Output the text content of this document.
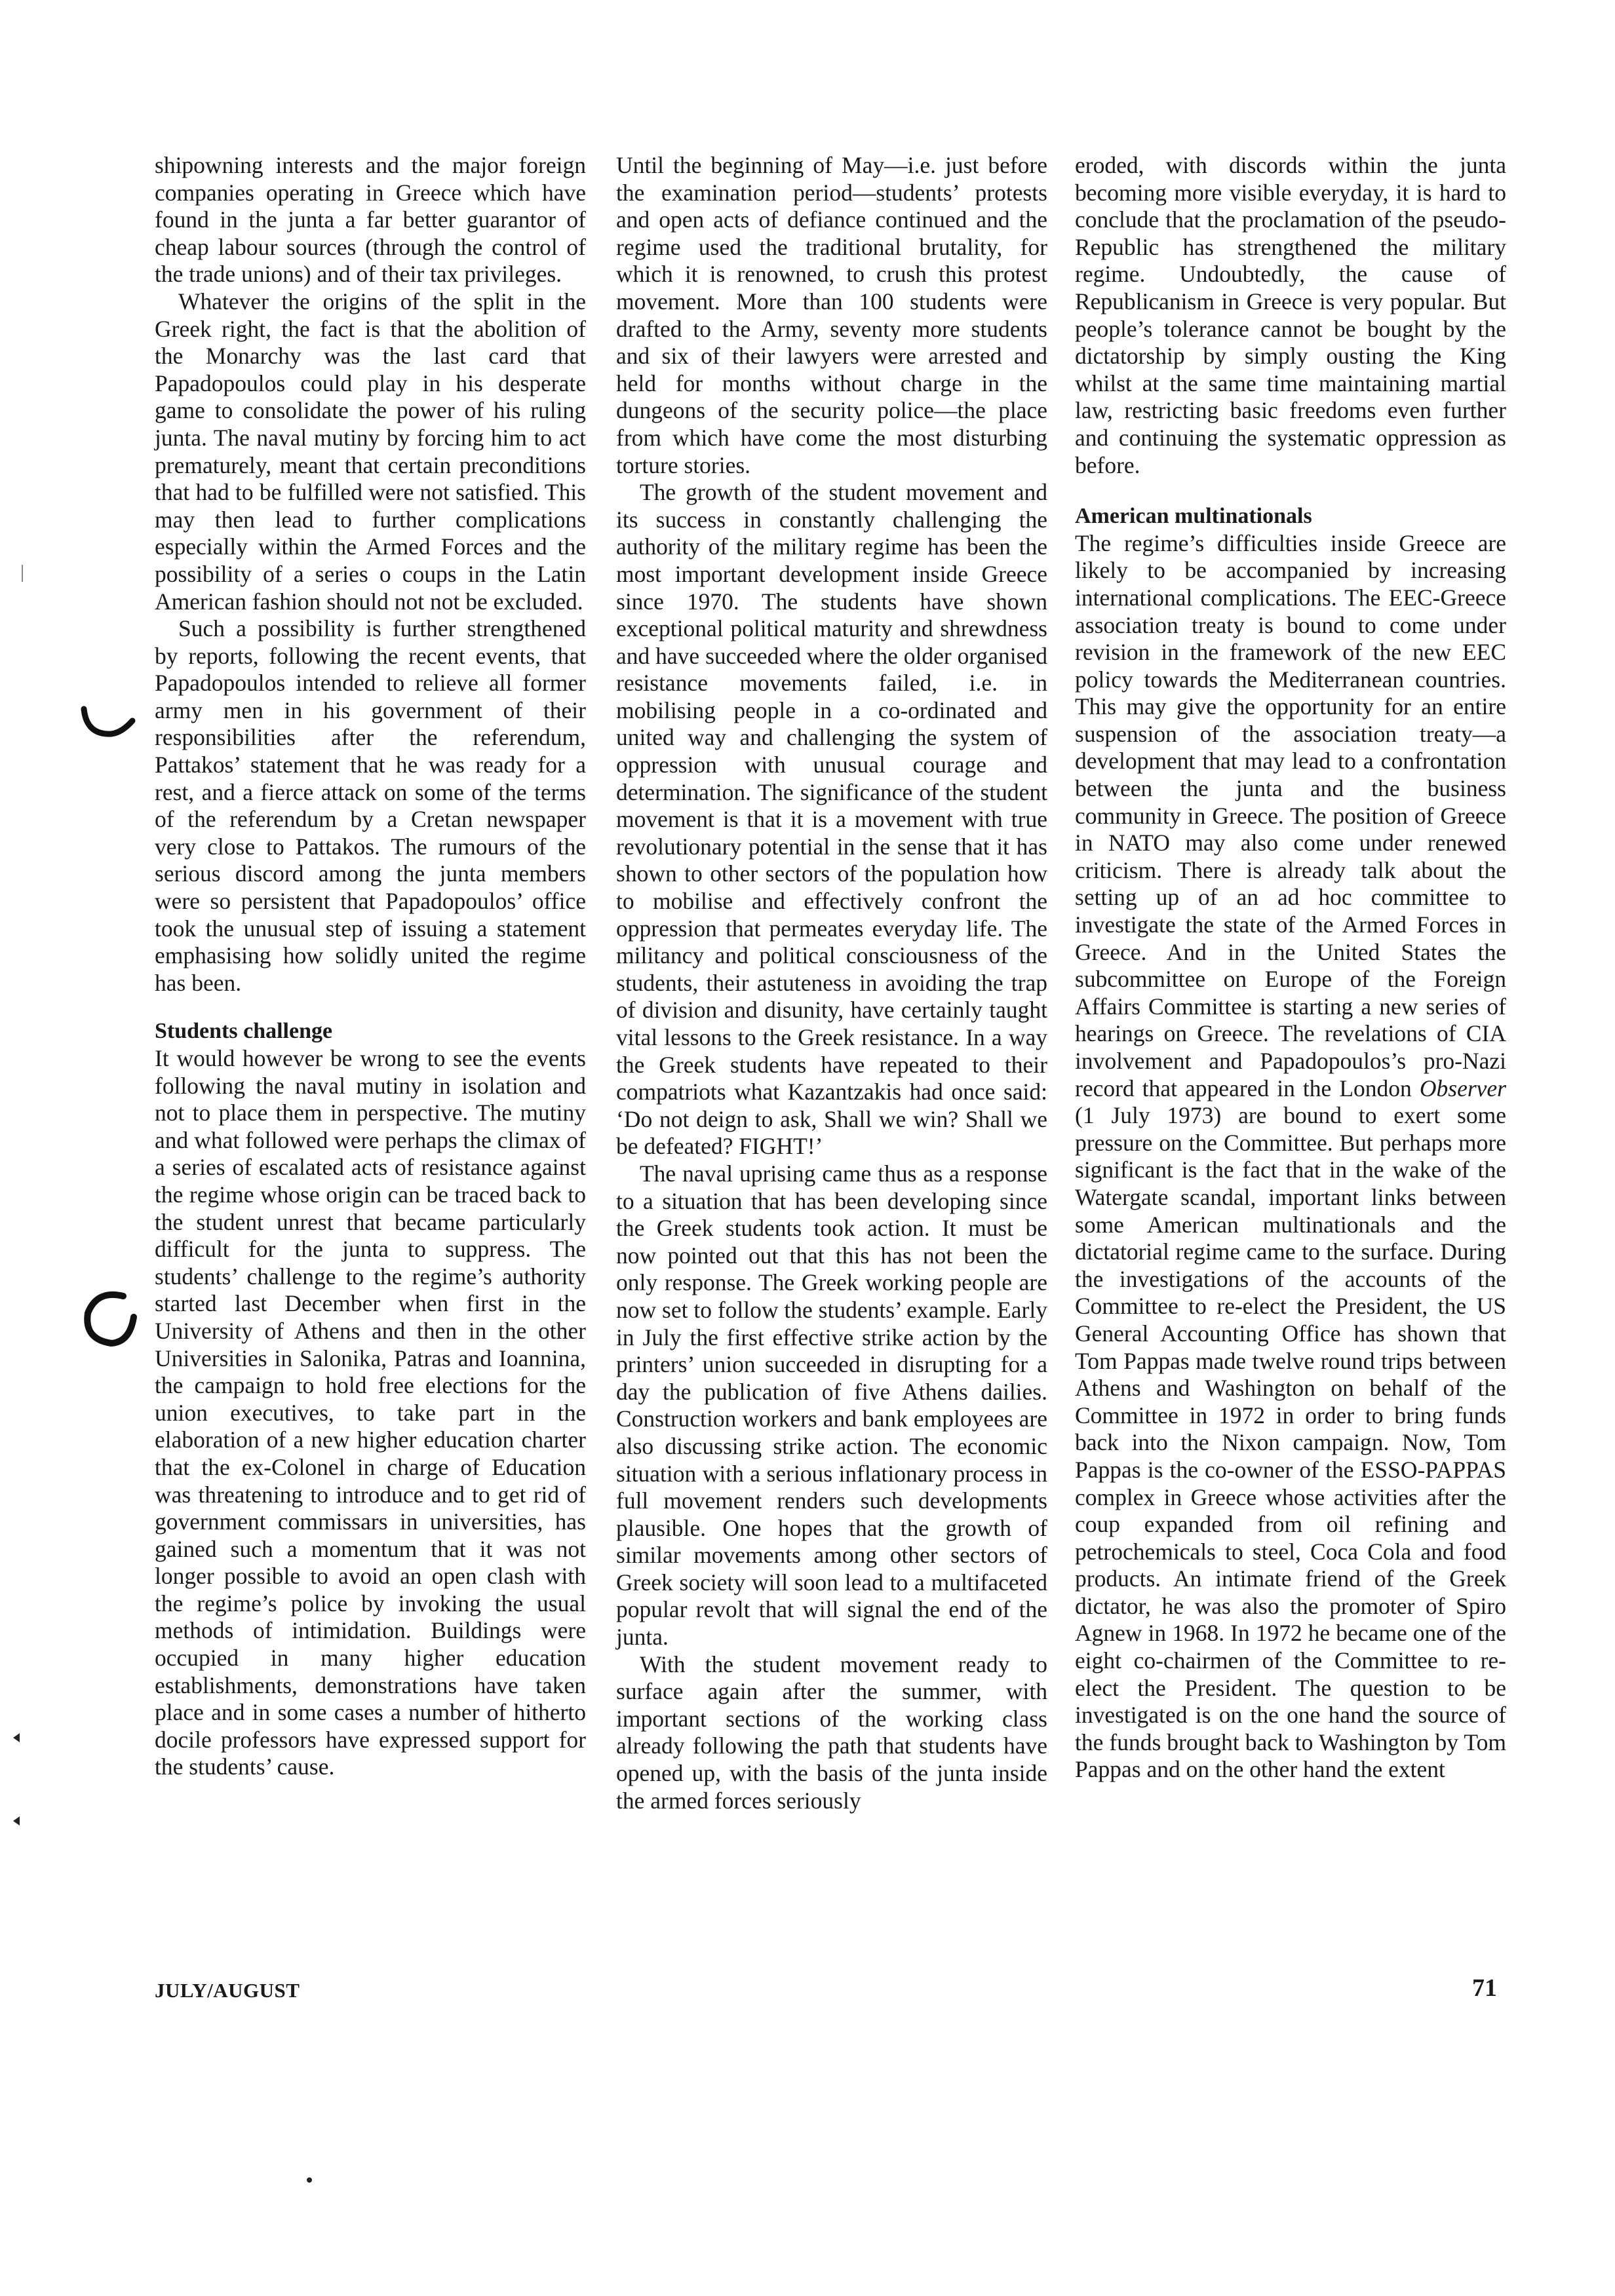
shipowning interests and the major foreign companies operating in Greece which have found in the junta a far better guarantor of cheap labour sources (through the control of the trade unions) and of their tax privileges.

Whatever the origins of the split in the Greek right, the fact is that the abolition of the Monarchy was the last card that Papadopoulos could play in his desperate game to consolidate the power of his ruling junta. The naval mutiny by forcing him to act prematurely, meant that certain preconditions that had to be fulfilled were not satisfied. This may then lead to further complications especially within the Armed Forces and the possibility of a series o coups in the Latin American fashion should not not be excluded.

Such a possibility is further strengthened by reports, following the recent events, that Papadopoulos intended to relieve all former army men in his government of their responsibilities after the referendum, Pattakos’ statement that he was ready for a rest, and a fierce attack on some of the terms of the referendum by a Cretan newspaper very close to Pattakos. The rumours of the serious discord among the junta members were so persistent that Papadopoulos’ office took the unusual step of issuing a statement emphasising how solidly united the regime has been.

Students challenge

It would however be wrong to see the events following the naval mutiny in isolation and not to place them in perspective. The mutiny and what followed were perhaps the climax of a series of escalated acts of resistance against the regime whose origin can be traced back to the student unrest that became particularly difficult for the junta to suppress. The students’ challenge to the regime’s authority started last December when first in the University of Athens and then in the other Universities in Salonika, Patras and Ioannina, the campaign to hold free elections for the union executives, to take part in the elaboration of a new higher education charter that the ex-Colonel in charge of Education was threatening to introduce and to get rid of government commissars in universities, has gained such a momentum that it was not longer possible to avoid an open clash with the regime’s police by invoking the usual methods of intimidation. Buildings were occupied in many higher education establishments, demonstrations have taken place and in some cases a number of hitherto docile professors have expressed support for the students’ cause.

Until the beginning of May—i.e. just before the examination period—students’ protests and open acts of defiance continued and the regime used the traditional brutality, for which it is renowned, to crush this protest movement. More than 100 students were drafted to the Army, seventy more students and six of their lawyers were arrested and held for months without charge in the dungeons of the security police—the place from which have come the most disturbing torture stories.

The growth of the student movement and its success in constantly challenging the authority of the military regime has been the most important development inside Greece since 1970. The students have shown exceptional political maturity and shrewdness and have succeeded where the older organised resistance movements failed, i.e. in mobilising people in a co-ordinated and united way and challenging the system of oppression with unusual courage and determination. The significance of the student movement is that it is a movement with true revolutionary potential in the sense that it has shown to other sectors of the population how to mobilise and effectively confront the oppression that permeates everyday life. The militancy and political consciousness of the students, their astuteness in avoiding the trap of division and disunity, have certainly taught vital lessons to the Greek resistance. In a way the Greek students have repeated to their compatriots what Kazantzakis had once said: ‘Do not deign to ask, Shall we win? Shall we be defeated? FIGHT!’

The naval uprising came thus as a response to a situation that has been developing since the Greek students took action. It must be now pointed out that this has not been the only response. The Greek working people are now set to follow the students’ example. Early in July the first effective strike action by the printers’ union succeeded in disrupting for a day the publication of five Athens dailies. Construction workers and bank employees are also discussing strike action. The economic situation with a serious inflationary process in full movement renders such developments plausible. One hopes that the growth of similar movements among other sectors of Greek society will soon lead to a multifaceted popular revolt that will signal the end of the junta.

With the student movement ready to surface again after the summer, with important sections of the working class already following the path that students have opened up, with the basis of the junta inside the armed forces seriously

eroded, with discords within the junta becoming more visible everyday, it is hard to conclude that the proclamation of the pseudo-Republic has strengthened the military regime. Undoubtedly, the cause of Republicanism in Greece is very popular. But people’s tolerance cannot be bought by the dictatorship by simply ousting the King whilst at the same time maintaining martial law, restricting basic freedoms even further and continuing the systematic oppression as before.

American multinationals

The regime’s difficulties inside Greece are likely to be accompanied by increasing international complications. The EEC-Greece association treaty is bound to come under revision in the framework of the new EEC policy towards the Mediterranean countries. This may give the opportunity for an entire suspension of the association treaty—a development that may lead to a confrontation between the junta and the business community in Greece. The position of Greece in NATO may also come under renewed criticism. There is already talk about the setting up of an ad hoc committee to investigate the state of the Armed Forces in Greece. And in the United States the subcommittee on Europe of the Foreign Affairs Committee is starting a new series of hearings on Greece. The revelations of CIA involvement and Papadopoulos’s pro-Nazi record that appeared in the London Observer (1 July 1973) are bound to exert some pressure on the Committee. But perhaps more significant is the fact that in the wake of the Watergate scandal, important links between some American multinationals and the dictatorial regime came to the surface. During the investigations of the accounts of the Committee to re-elect the President, the US General Accounting Office has shown that Tom Pappas made twelve round trips between Athens and Washington on behalf of the Committee in 1972 in order to bring funds back into the Nixon campaign. Now, Tom Pappas is the co-owner of the ESSO-PAPPAS complex in Greece whose activities after the coup expanded from oil refining and petrochemicals to steel, Coca Cola and food products. An intimate friend of the Greek dictator, he was also the promoter of Spiro Agnew in 1968. In 1972 he became one of the eight co-chairmen of the Committee to re-elect the President. The question to be investigated is on the one hand the source of the funds brought back to Washington by Tom Pappas and on the other hand the extent

JULY/AUGUST	71
